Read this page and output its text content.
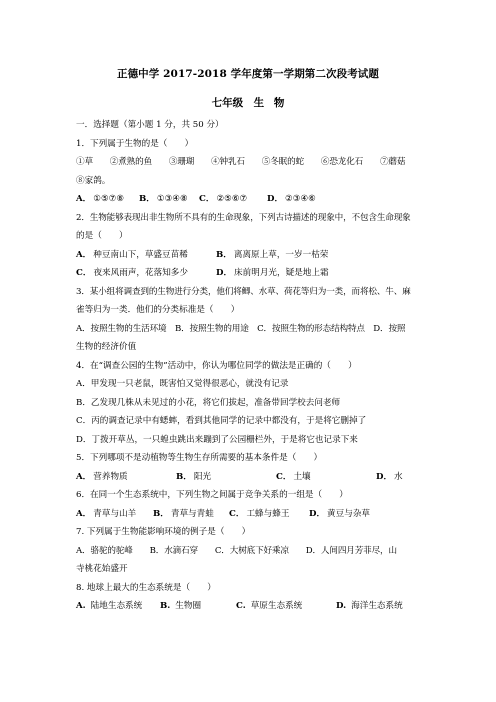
正德中学 2017-2018 学年度第一学期第二次段考试题
七年级　生 物
一．选择题（第小题 1 分，共 50 分）
1．下列属于生物的是（　　）
①草　　②煮熟的鱼　　③珊瑚　　④钟乳石　　⑤冬眠的蛇　　⑥恐龙化石　　⑦蘑菇
⑧家鸽。
A． ①⑤⑦⑧	B． ①③④⑧	C． ②⑤⑥⑦	D． ②③④⑥
2．生物能够表现出非生物所不具有的生命现象，下列古诗描述的现象中，不包含生命现象
的是（　　）
A． 种豆南山下，草盛豆苗稀	B． 离离原上草，一岁一枯荣
C． 夜来风雨声，花落知多少	D． 床前明月光，疑是地上霜
3．某小组将调查到的生物进行分类，他们将鲫、水草、荷花等归为一类，而将松、牛、麻
雀等归为一类．他们的分类标准是（　　）
A．按照生物的生活环境　B．按照生物的用途　C．按照生物的形态结构特点　D．按照
生物的经济价值
4．在“调查公园的生物”活动中，你认为哪位同学的做法是正确的（　　）
A．甲发现一只老鼠，既害怕又觉得很恶心，就没有记录
B．乙发现几株从未见过的小花，将它们拔起，准备带回学校去问老师
C．丙的调查记录中有蟋蟀，看到其他同学的记录中都没有，于是将它删掉了
D．丁拨开草丛，一只蝗虫跳出来蹦到了公园栅栏外，于是将它也记录下来
5．下列哪项不是动植物等生物生存所需要的基本条件是（　　）
A． 营养物质	B． 阳光	C． 土壤	D． 水
6．在同一个生态系统中，下列生物之间属于竞争关系的一组是（　　）
A． 青草与山羊	B． 青草与青蛙	C． 工蜂与蜂王	D． 黄豆与杂草
7. 下列属于生物能影响环境的例子是（　　）
A．骆驼的驼峰　　B．水滴石穿　　C．大树底下好乘凉　　D．人间四月芳菲尽，山
寺桃花始盛开
8. 地球上最大的生态系统是（　　）
A. 陆地生态系统	B. 生物圈	C. 草原生态系统	D. 海洋生态系统
